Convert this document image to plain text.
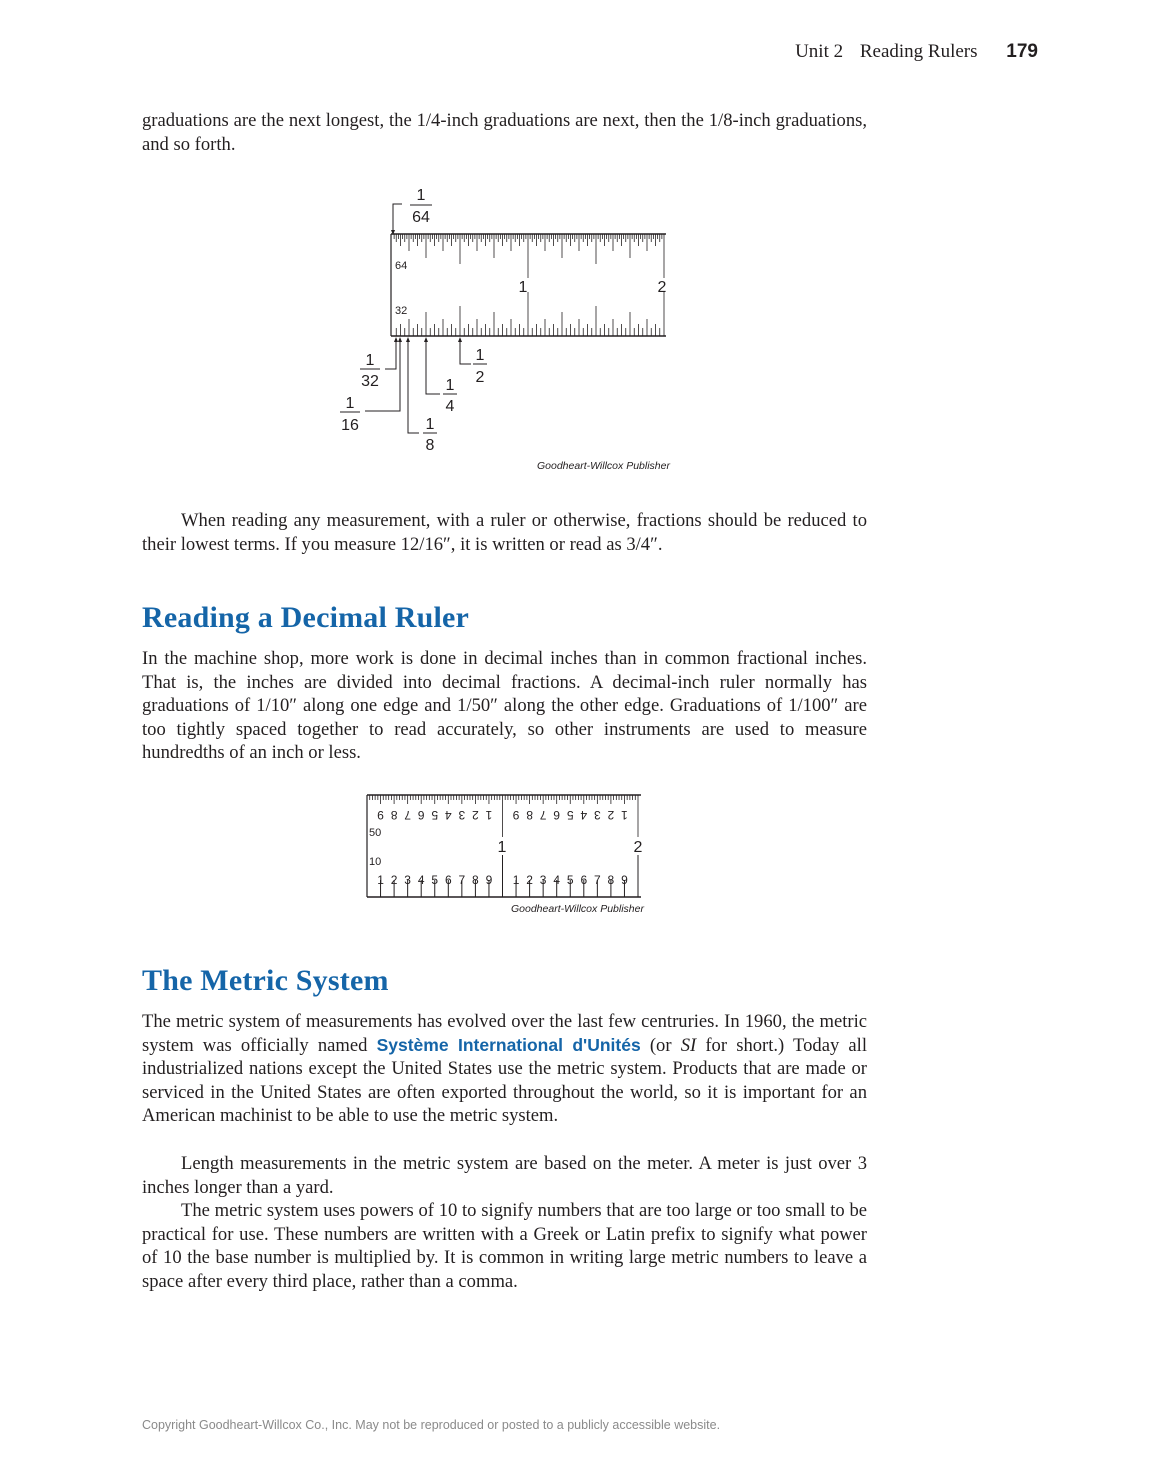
Unit 2 Reading Rulers 179

graduations are the next longest, the 1/4-inch graduations are next, then the 1/8-inch graduations, and so forth.

64
32
1	2
1
64
1
32
1
16	1
8
1
4
1
2
Goodheart-Willcox Publisher

When reading any measurement, with a ruler or otherwise, fractions should be reduced to their lowest terms. If you measure 12/16″, it is written or read as 3/4″.

Reading a Decimal Ruler

In the machine shop, more work is done in decimal inches than in common fractional inches. That is, the inches are divided into decimal fractions. A decimal-inch ruler normally has graduations of 1/10″ along one edge and 1/50″ along the other edge. Graduations of 1/100″ are too tightly spaced together to read accurately, so other instruments are used to measure hundredths of an inch or less.

1
2
3
4
5
6
7
8
9	1
2
3
4
5
6
7
8
9
1 2 3 4 5 6 7 8 9 1 2 3 4 5 6 7 8 9
50
10
1	2
Goodheart-Willcox Publisher
The Metric System

The metric system of measurements has evolved over the last few centruries. In 1960, the metric system was officially named Système International d'Unités (or SI for short.) Today all industrialized nations except the United States use the metric system. Products that are made or serviced in the United States are often exported throughout the world, so it is important for an American machinist to be able to use the metric system.

Length measurements in the metric system are based on the meter. A meter is just over 3 inches longer than a yard.

The metric system uses powers of 10 to signify numbers that are too large or too small to be practical for use. These numbers are written with a Greek or Latin prefix to signify what power of 10 the base number is multiplied by. It is common in writing large metric numbers to leave a space after every third place, rather than a comma.

Copyright Goodheart-Willcox Co., Inc. May not be reproduced or posted to a publicly accessible website.
